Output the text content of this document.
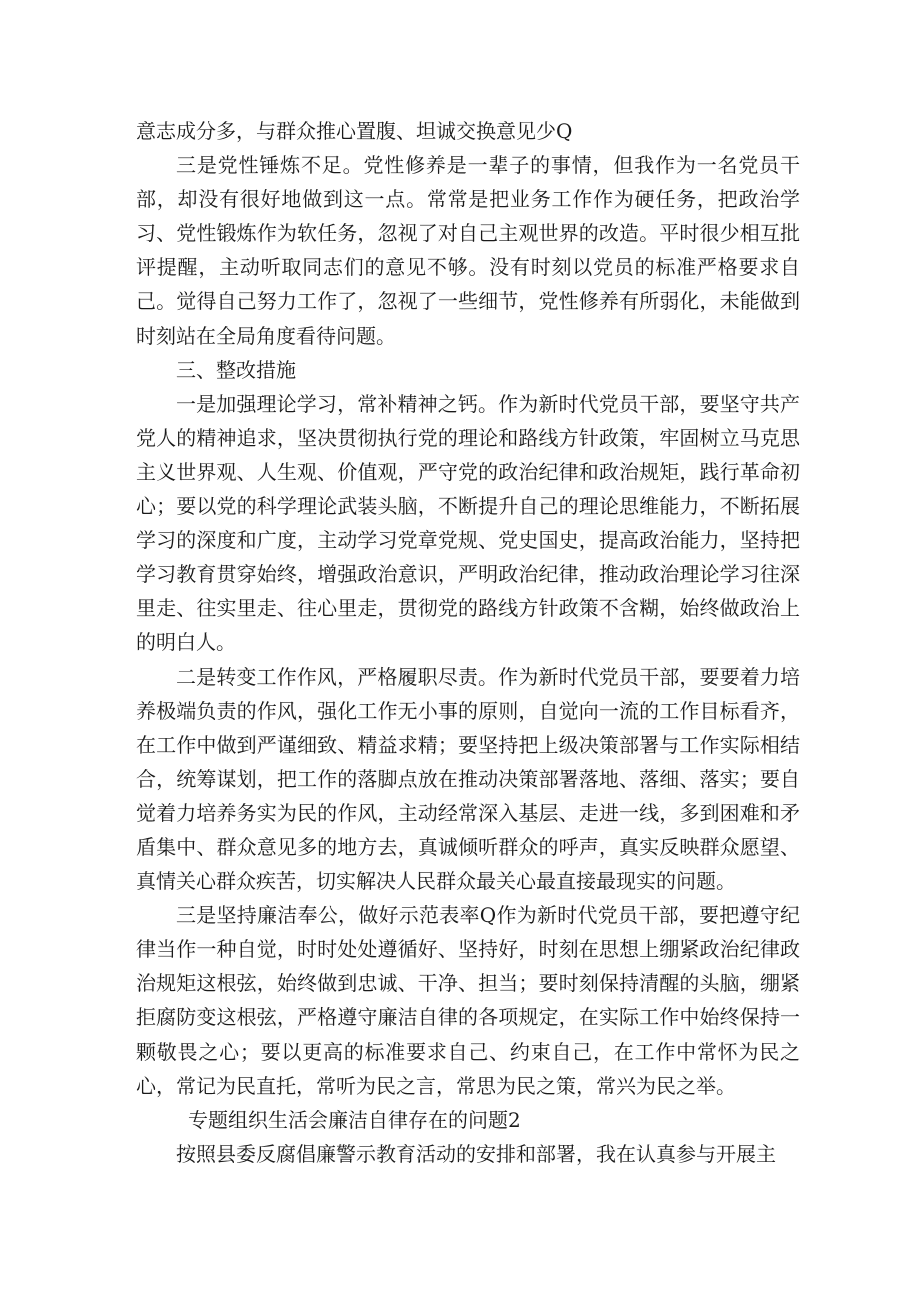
意志成分多，与群众推心置腹、坦诚交换意见少Q

三是党性锤炼不足。党性修养是一辈子的事情，但我作为一名党员干部，却没有很好地做到这一点。常常是把业务工作作为硬任务，把政治学习、党性锻炼作为软任务，忽视了对自己主观世界的改造。平时很少相互批评提醒，主动听取同志们的意见不够。没有时刻以党员的标准严格要求自己。觉得自己努力工作了，忽视了一些细节，党性修养有所弱化，未能做到时刻站在全局角度看待问题。

三、整改措施

一是加强理论学习，常补精神之钙。作为新时代党员干部，要坚守共产党人的精神追求，坚决贯彻执行党的理论和路线方针政策，牢固树立马克思主义世界观、人生观、价值观，严守党的政治纪律和政治规矩，践行革命初心；要以党的科学理论武装头脑，不断提升自己的理论思维能力，不断拓展学习的深度和广度，主动学习党章党规、党史国史，提高政治能力，坚持把学习教育贯穿始终，增强政治意识，严明政治纪律，推动政治理论学习往深里走、往实里走、往心里走，贯彻党的路线方针政策不含糊，始终做政治上的明白人。

二是转变工作作风，严格履职尽责。作为新时代党员干部，要要着力培养极端负责的作风，强化工作无小事的原则，自觉向一流的工作目标看齐，在工作中做到严谨细致、精益求精；要坚持把上级决策部署与工作实际相结合，统筹谋划，把工作的落脚点放在推动决策部署落地、落细、落实；要自觉着力培养务实为民的作风，主动经常深入基层、走进一线，多到困难和矛盾集中、群众意见多的地方去，真诚倾听群众的呼声，真实反映群众愿望、真情关心群众疾苦，切实解决人民群众最关心最直接最现实的问题。

三是坚持廉洁奉公，做好示范表率Q作为新时代党员干部，要把遵守纪律当作一种自觉，时时处处遵循好、坚持好，时刻在思想上绷紧政治纪律政治规矩这根弦，始终做到忠诚、干净、担当；要时刻保持清醒的头脑，绷紧拒腐防变这根弦，严格遵守廉洁自律的各项规定，在实际工作中始终保持一颗敬畏之心；要以更高的标准要求自己、约束自己，在工作中常怀为民之心，常记为民直托，常听为民之言，常思为民之策，常兴为民之举。

专题组织生活会廉洁自律存在的问题2

按照县委反腐倡廉警示教育活动的安排和部署，我在认真参与开展主
